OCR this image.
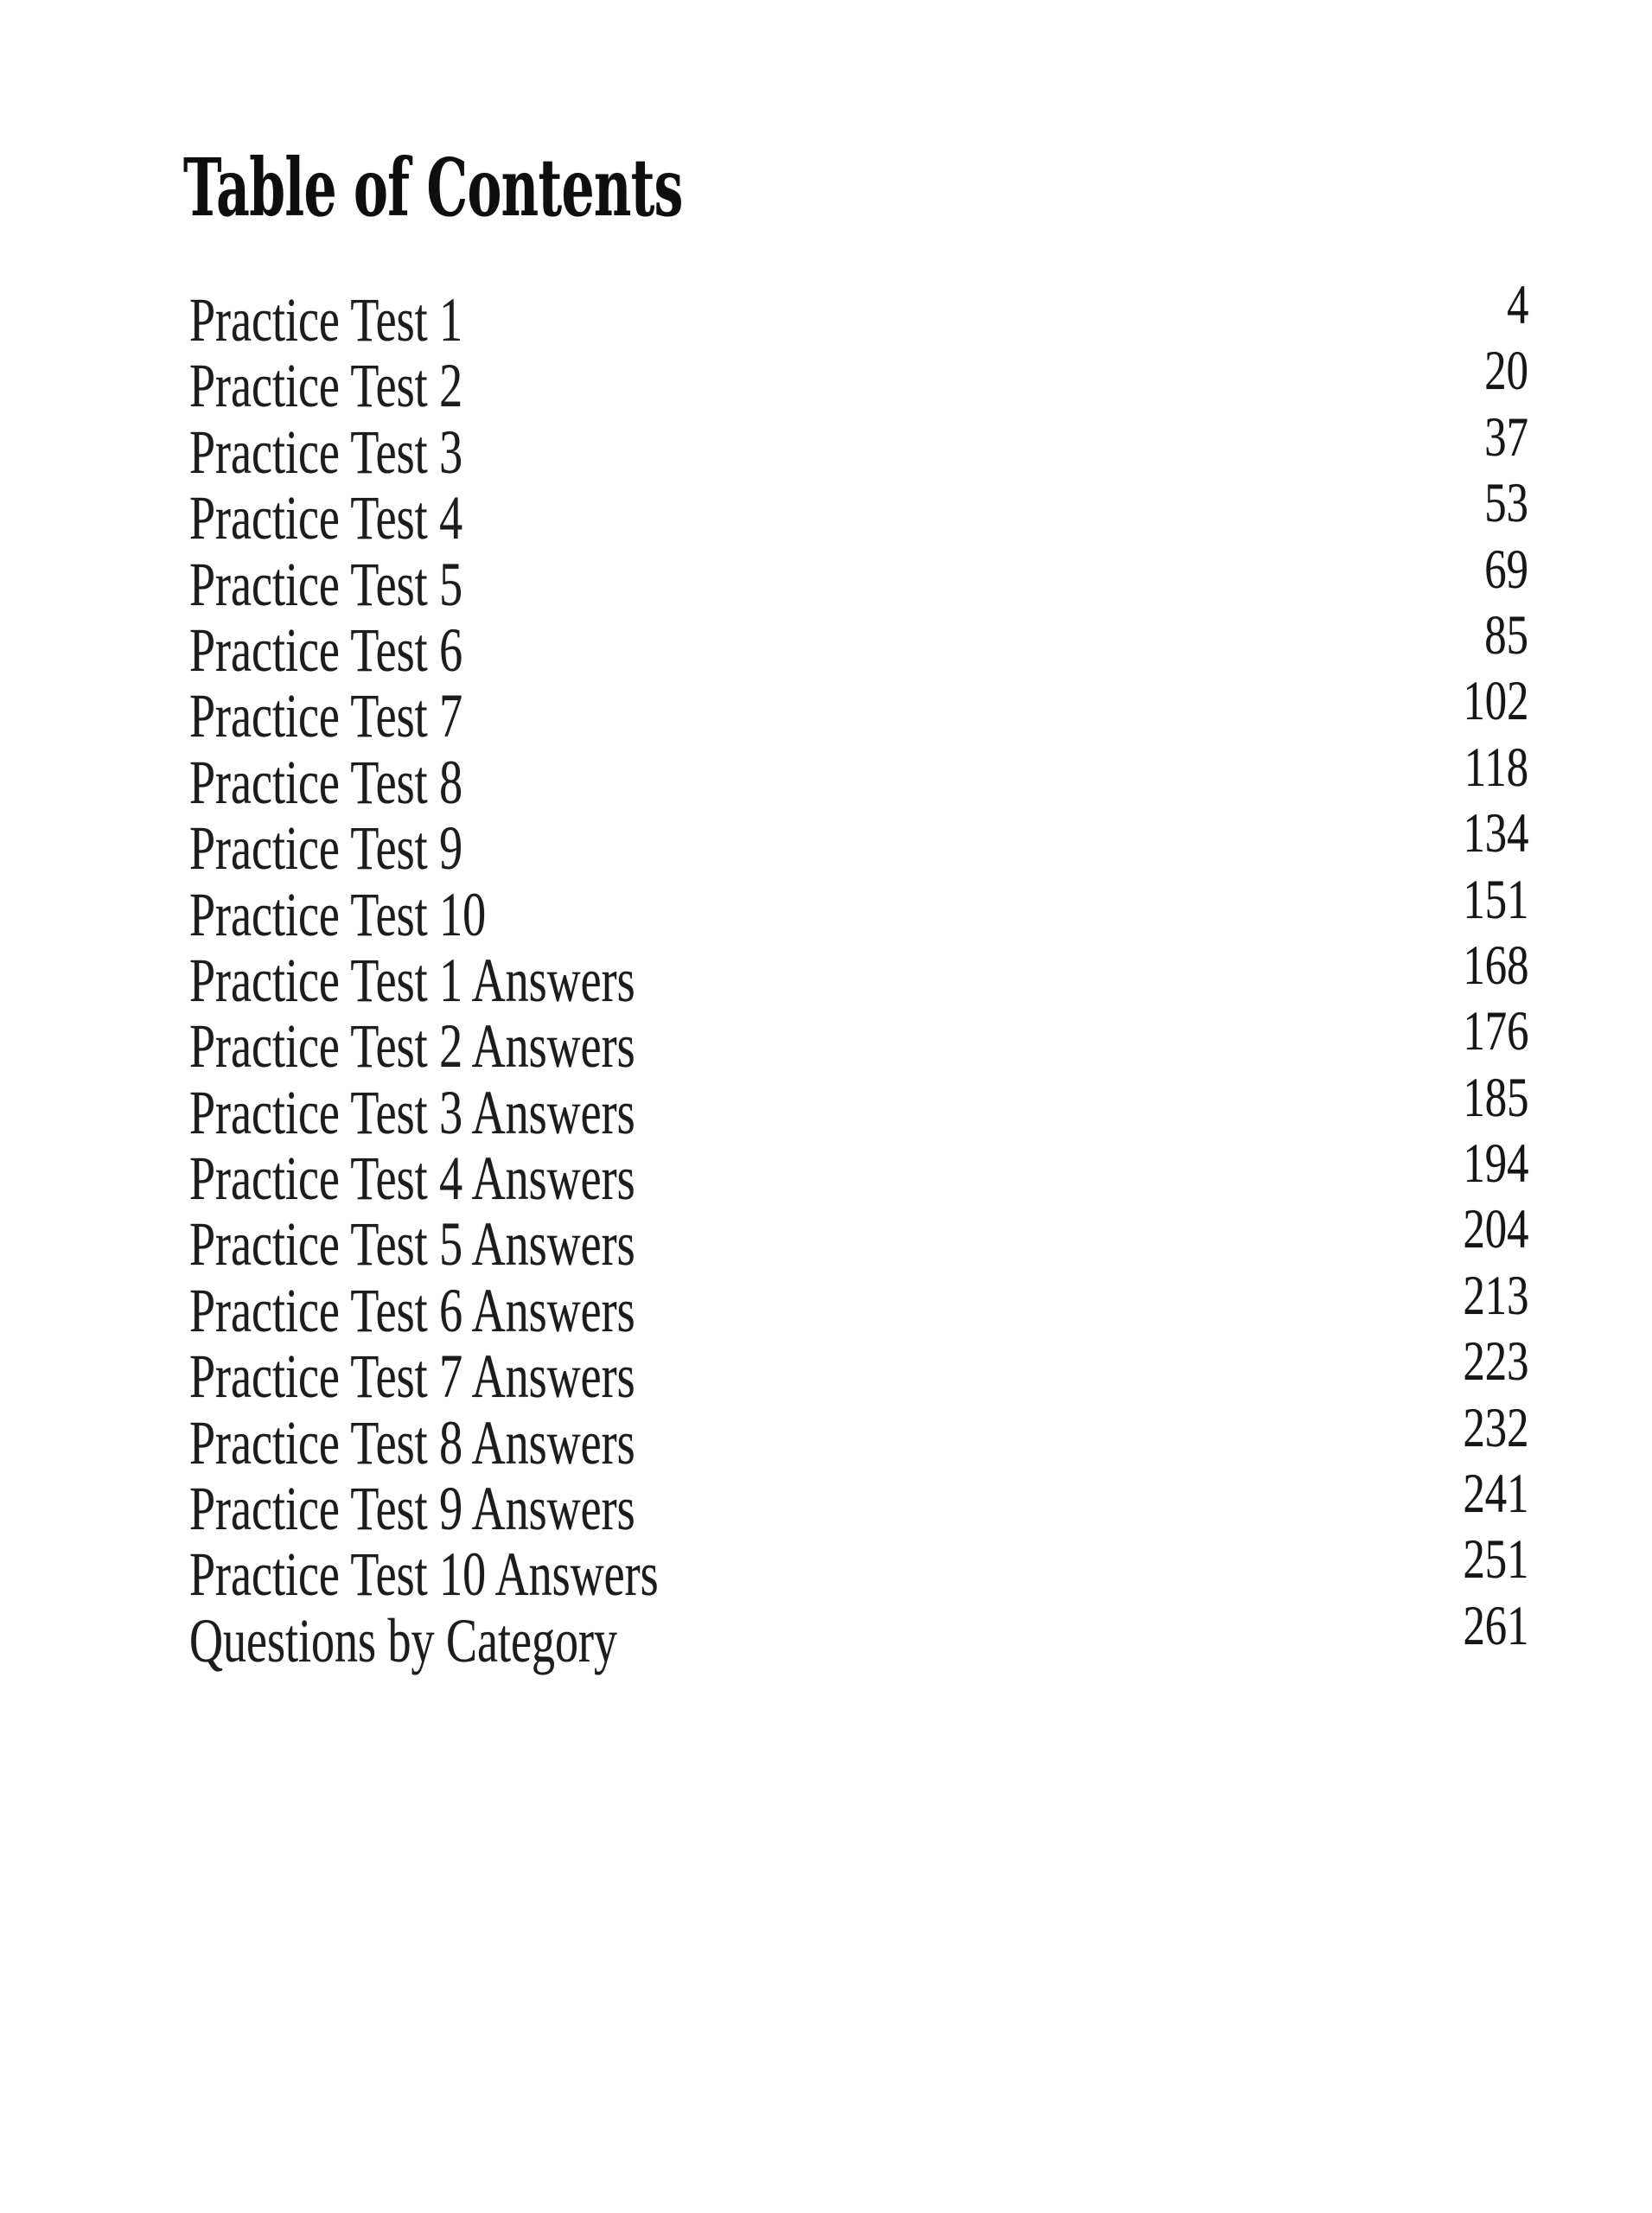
Table of Contents
Practice Test 1	4
Practice Test 2	20
Practice Test 3	37
Practice Test 4	53
Practice Test 5	69
Practice Test 6	85
Practice Test 7	102
Practice Test 8	118
Practice Test 9	134
Practice Test 10	151
Practice Test 1 Answers	168
Practice Test 2 Answers	176
Practice Test 3 Answers	185
Practice Test 4 Answers	194
Practice Test 5 Answers	204
Practice Test 6 Answers	213
Practice Test 7 Answers	223
Practice Test 8 Answers	232
Practice Test 9 Answers	241
Practice Test 10 Answers	251
Questions by Category	261
